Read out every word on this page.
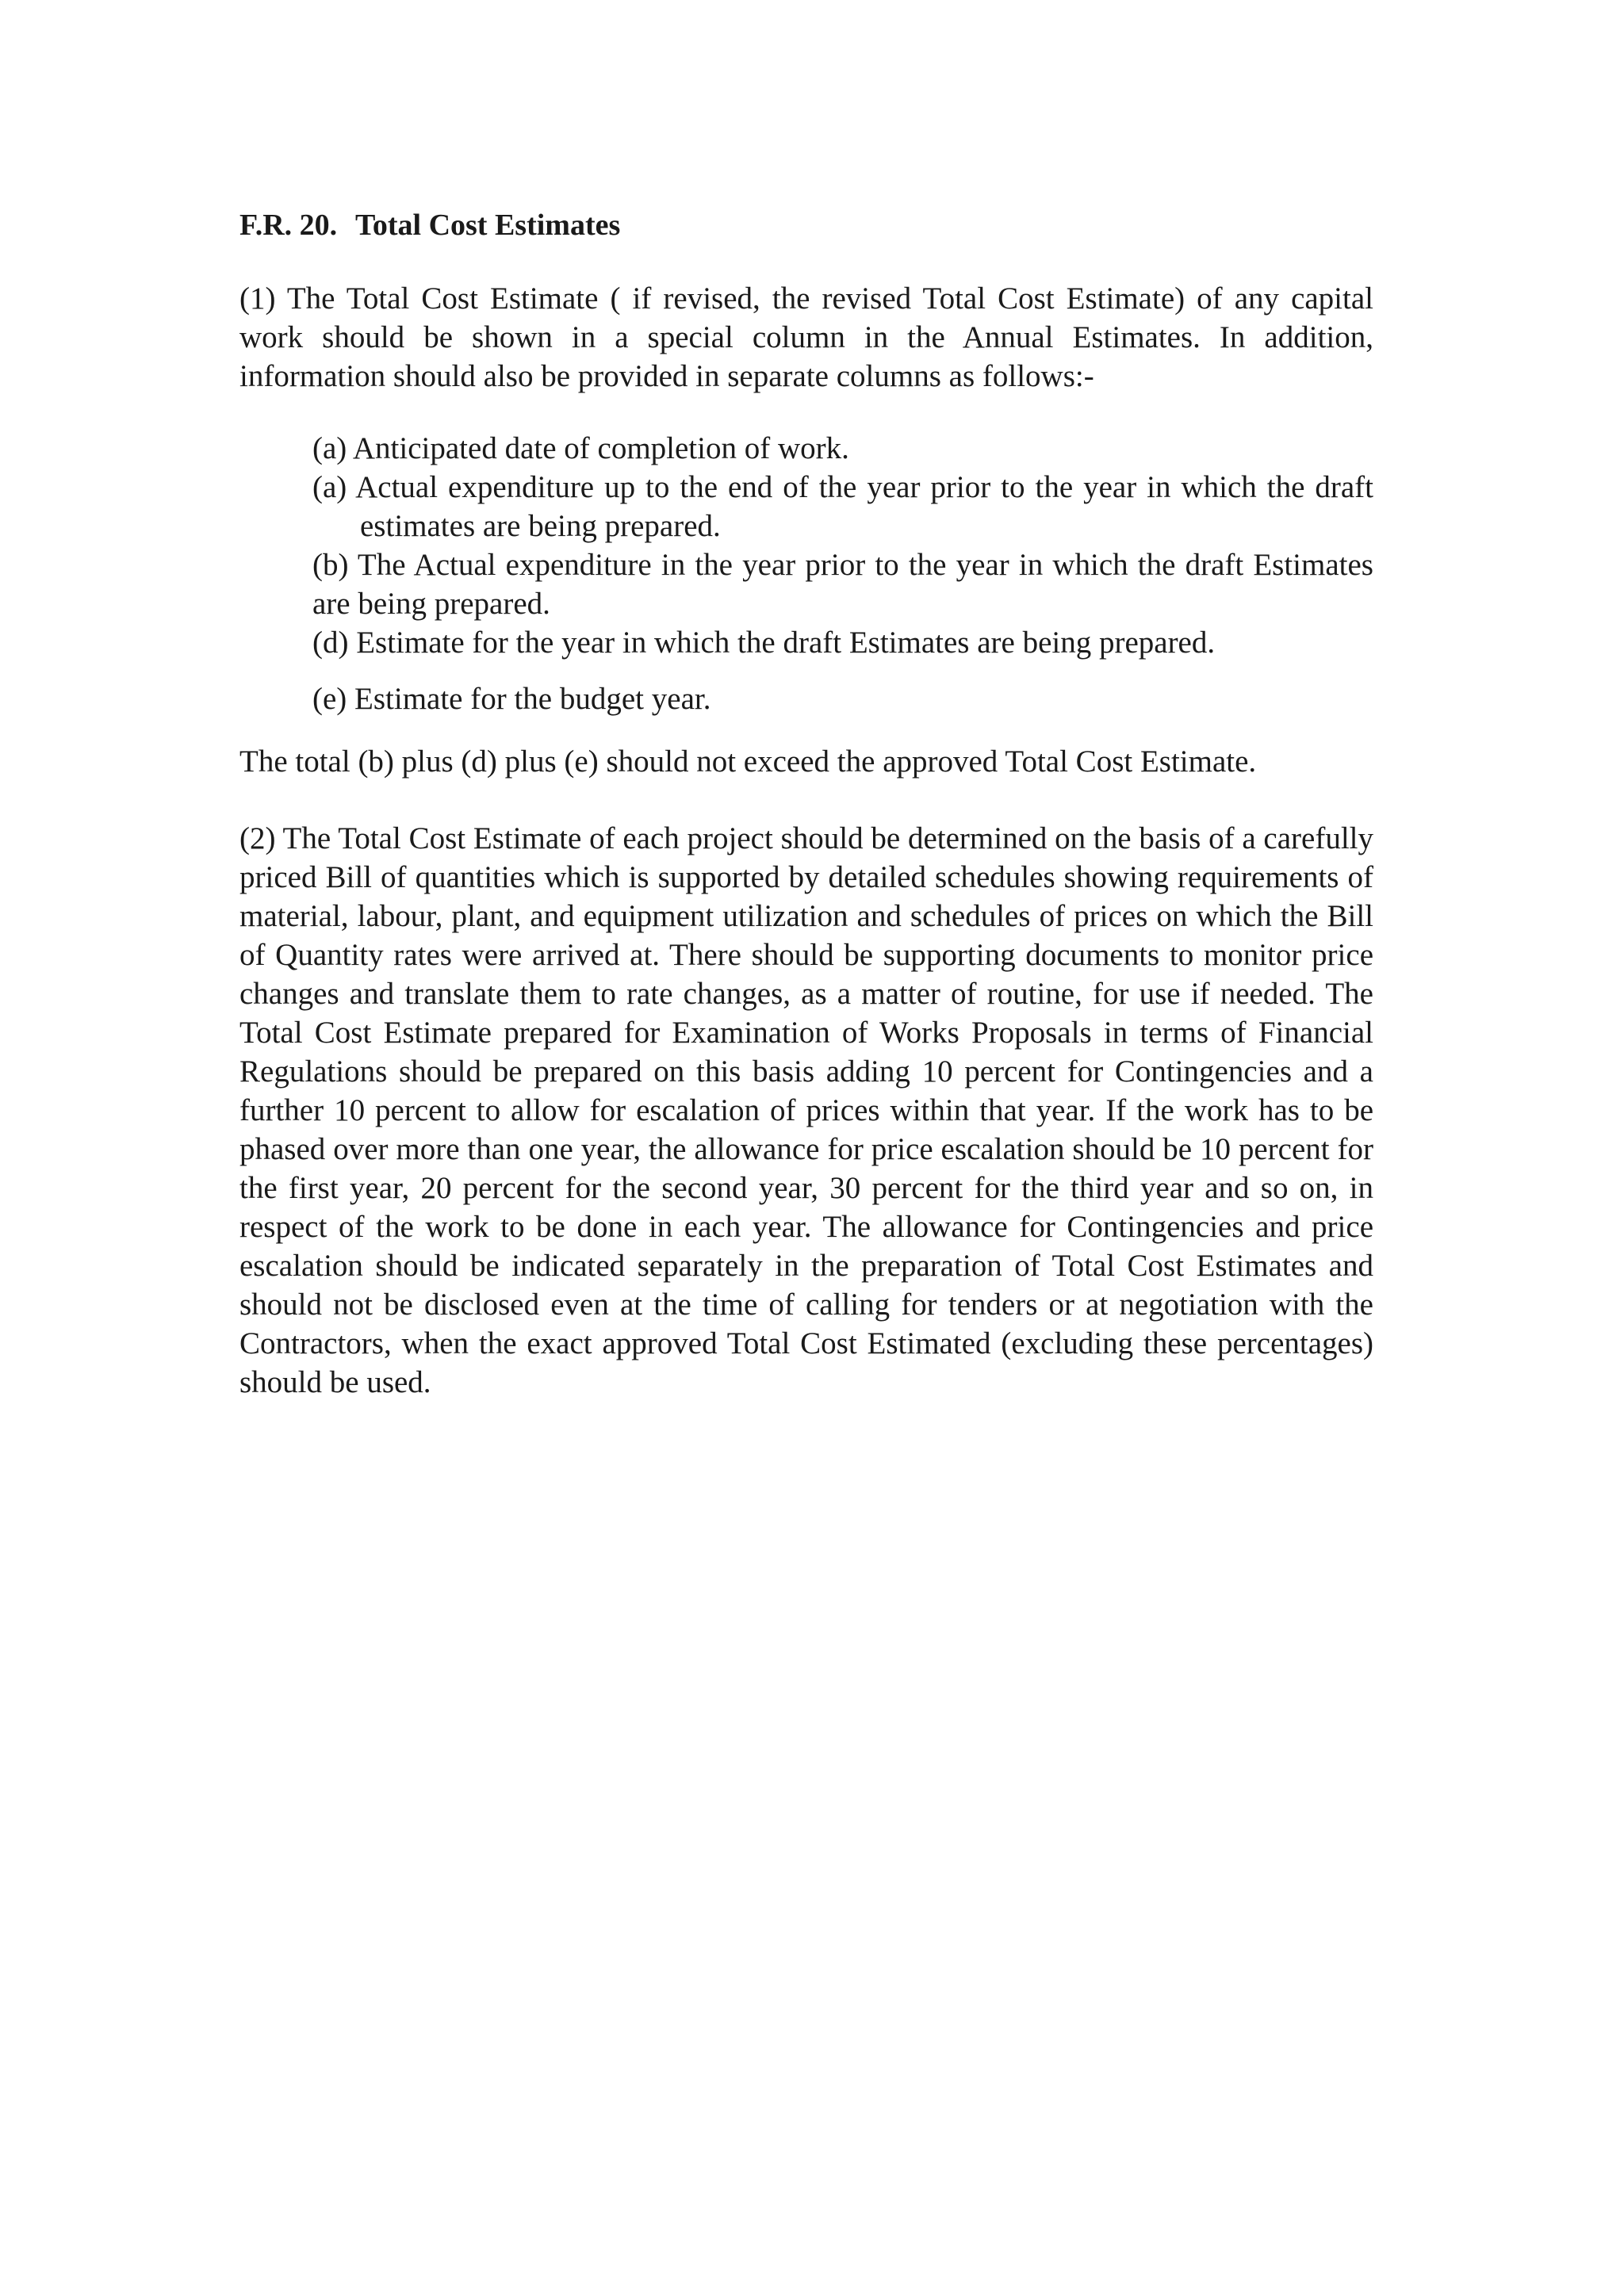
F.R. 20. Total Cost Estimates

(1) The Total Cost Estimate ( if revised, the revised Total Cost Estimate) of any capital work should be shown in a special column in the Annual Estimates. In addition, information should also be provided in separate columns as follows:-

(a) Anticipated date of completion of work.
(a) Actual expenditure up to the end of the year prior to the year in which the draft estimates are being prepared.
(b) The Actual expenditure in the year prior to the year in which the draft Estimates are being prepared.
(d) Estimate for the year in which the draft Estimates are being prepared.
(e) Estimate for the budget year.

The total (b) plus (d) plus (e) should not exceed the approved Total Cost Estimate.

(2) The Total Cost Estimate of each project should be determined on the basis of a carefully priced Bill of quantities which is supported by detailed schedules showing requirements of material, labour, plant, and equipment utilization and schedules of prices on which the Bill of Quantity rates were arrived at. There should be supporting documents to monitor price changes and translate them to rate changes, as a matter of routine, for use if needed. The Total Cost Estimate prepared for Examination of Works Proposals in terms of Financial Regulations should be prepared on this basis adding 10 percent for Contingencies and a further 10 percent to allow for escalation of prices within that year. If the work has to be phased over more than one year, the allowance for price escalation should be 10 percent for the first year, 20 percent for the second year, 30 percent for the third year and so on, in respect of the work to be done in each year. The allowance for Contingencies and price escalation should be indicated separately in the preparation of Total Cost Estimates and should not be disclosed even at the time of calling for tenders or at negotiation with the Contractors, when the exact approved Total Cost Estimated (excluding these percentages) should be used.
